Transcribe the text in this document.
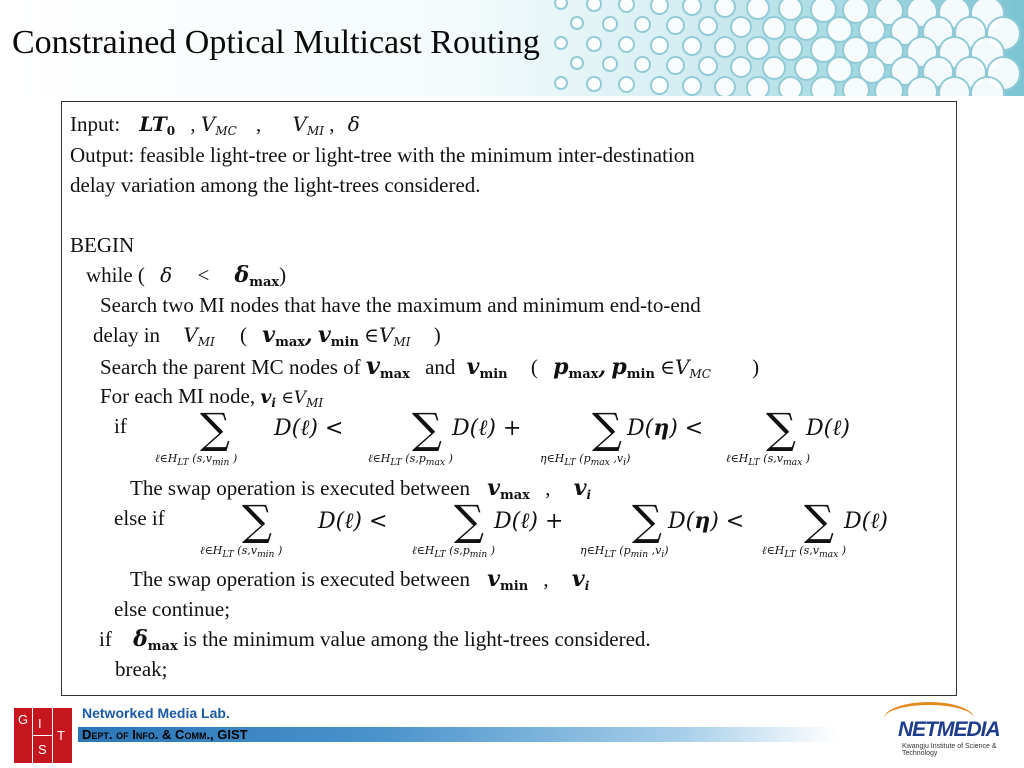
Constrained Optical Multicast Routing
Input: $LT_0$ , $V_{MC}$ , $V_{MI}$ , δ
Output: feasible light-tree or light-tree with the minimum inter-destination
delay variation among the light-trees considered.
BEGIN
while ( $\delta < \delta_{max}$)
Search two MI nodes that have the maximum and minimum end-to-end
delay in $V_{MI}$ ( $v_{max}$, $v_{min}$ $\in V_{MI}$ )
Search the parent MC nodes of $v_{max}$ and $v_{min}$ ( $p_{max}$, $p_{min}$ $\in V_{MC}$ )
For each MI node, $v_i$ $\in V_{MI}$
if ∑
$\ell\in H_{LT}$ ($s,v_{min}$ )
D(ℓ) < ∑
$\ell\in H_{LT}$ ($s,p_{max}$ )
D(ℓ) + ∑
$\eta\in H_{LT}$ ($p_{max}$ $,v_i$)
D(η) < ∑
$\ell\in H_{LT}$ ($s,v_{max}$ )
D(ℓ)
The swap operation is executed between $v_{max}$ , $v_i$
else if ∑
$\ell\in H_{LT}$ ($s,v_{min}$ )
D(ℓ) < ∑
$\ell\in H_{LT}$ ($s,p_{min}$ )
D(ℓ) + ∑
$\eta\in H_{LT}$ ($p_{min}$ $,v_i$)
D(η) < ∑
$\ell\in H_{LT}$ ($s,v_{max}$ )
D(ℓ)
The swap operation is executed between $v_{min}$ , $v_i$
else continue;
if $\delta_{max}$ is the minimum value among the light-trees considered.
break;
G I
S
T
Networked Media Lab.
Dept. of Info. & Comm., GIST	NETMEDIA
Kwangju Institute of Science & Technology
